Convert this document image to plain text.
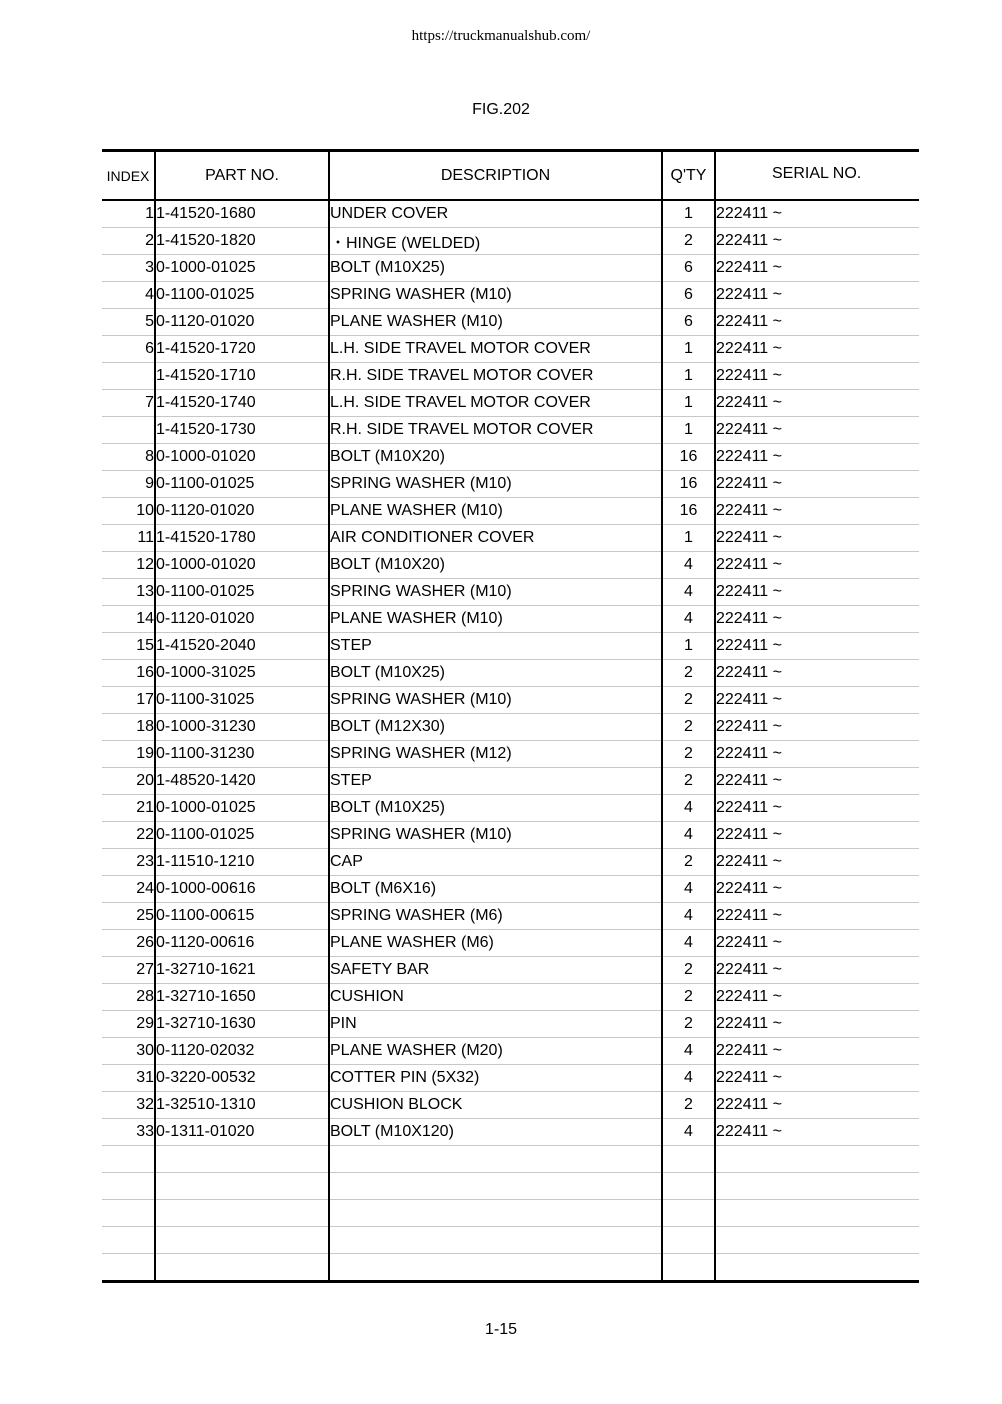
https://truckmanualshub.com/
FIG.202
INDEX	PART NO.	DESCRIPTION	Q'TY	SERIAL NO.
1	1-41520-1680	UNDER COVER	1	222411 ~
2	1-41520-1820	・HINGE (WELDED)	2	222411 ~
3	0-1000-01025	BOLT (M10X25)	6	222411 ~
4	0-1100-01025	SPRING WASHER (M10)	6	222411 ~
5	0-1120-01020	PLANE WASHER (M10)	6	222411 ~
6	1-41520-1720	L.H. SIDE TRAVEL MOTOR COVER	1	222411 ~
	1-41520-1710	R.H. SIDE TRAVEL MOTOR COVER	1	222411 ~
7	1-41520-1740	L.H. SIDE TRAVEL MOTOR COVER	1	222411 ~
	1-41520-1730	R.H. SIDE TRAVEL MOTOR COVER	1	222411 ~
8	0-1000-01020	BOLT (M10X20)	16	222411 ~
9	0-1100-01025	SPRING WASHER (M10)	16	222411 ~
10	0-1120-01020	PLANE WASHER (M10)	16	222411 ~
11	1-41520-1780	AIR CONDITIONER COVER	1	222411 ~
12	0-1000-01020	BOLT (M10X20)	4	222411 ~
13	0-1100-01025	SPRING WASHER (M10)	4	222411 ~
14	0-1120-01020	PLANE WASHER (M10)	4	222411 ~
15	1-41520-2040	STEP	1	222411 ~
16	0-1000-31025	BOLT (M10X25)	2	222411 ~
17	0-1100-31025	SPRING WASHER (M10)	2	222411 ~
18	0-1000-31230	BOLT (M12X30)	2	222411 ~
19	0-1100-31230	SPRING WASHER (M12)	2	222411 ~
20	1-48520-1420	STEP	2	222411 ~
21	0-1000-01025	BOLT (M10X25)	4	222411 ~
22	0-1100-01025	SPRING WASHER (M10)	4	222411 ~
23	1-11510-1210	CAP	2	222411 ~
24	0-1000-00616	BOLT (M6X16)	4	222411 ~
25	0-1100-00615	SPRING WASHER (M6)	4	222411 ~
26	0-1120-00616	PLANE WASHER (M6)	4	222411 ~
27	1-32710-1621	SAFETY BAR	2	222411 ~
28	1-32710-1650	CUSHION	2	222411 ~
29	1-32710-1630	PIN	2	222411 ~
30	0-1120-02032	PLANE WASHER (M20)	4	222411 ~
31	0-3220-00532	COTTER PIN (5X32)	4	222411 ~
32	1-32510-1310	CUSHION BLOCK	2	222411 ~
33	0-1311-01020	BOLT (M10X120)	4	222411 ~

1-15
